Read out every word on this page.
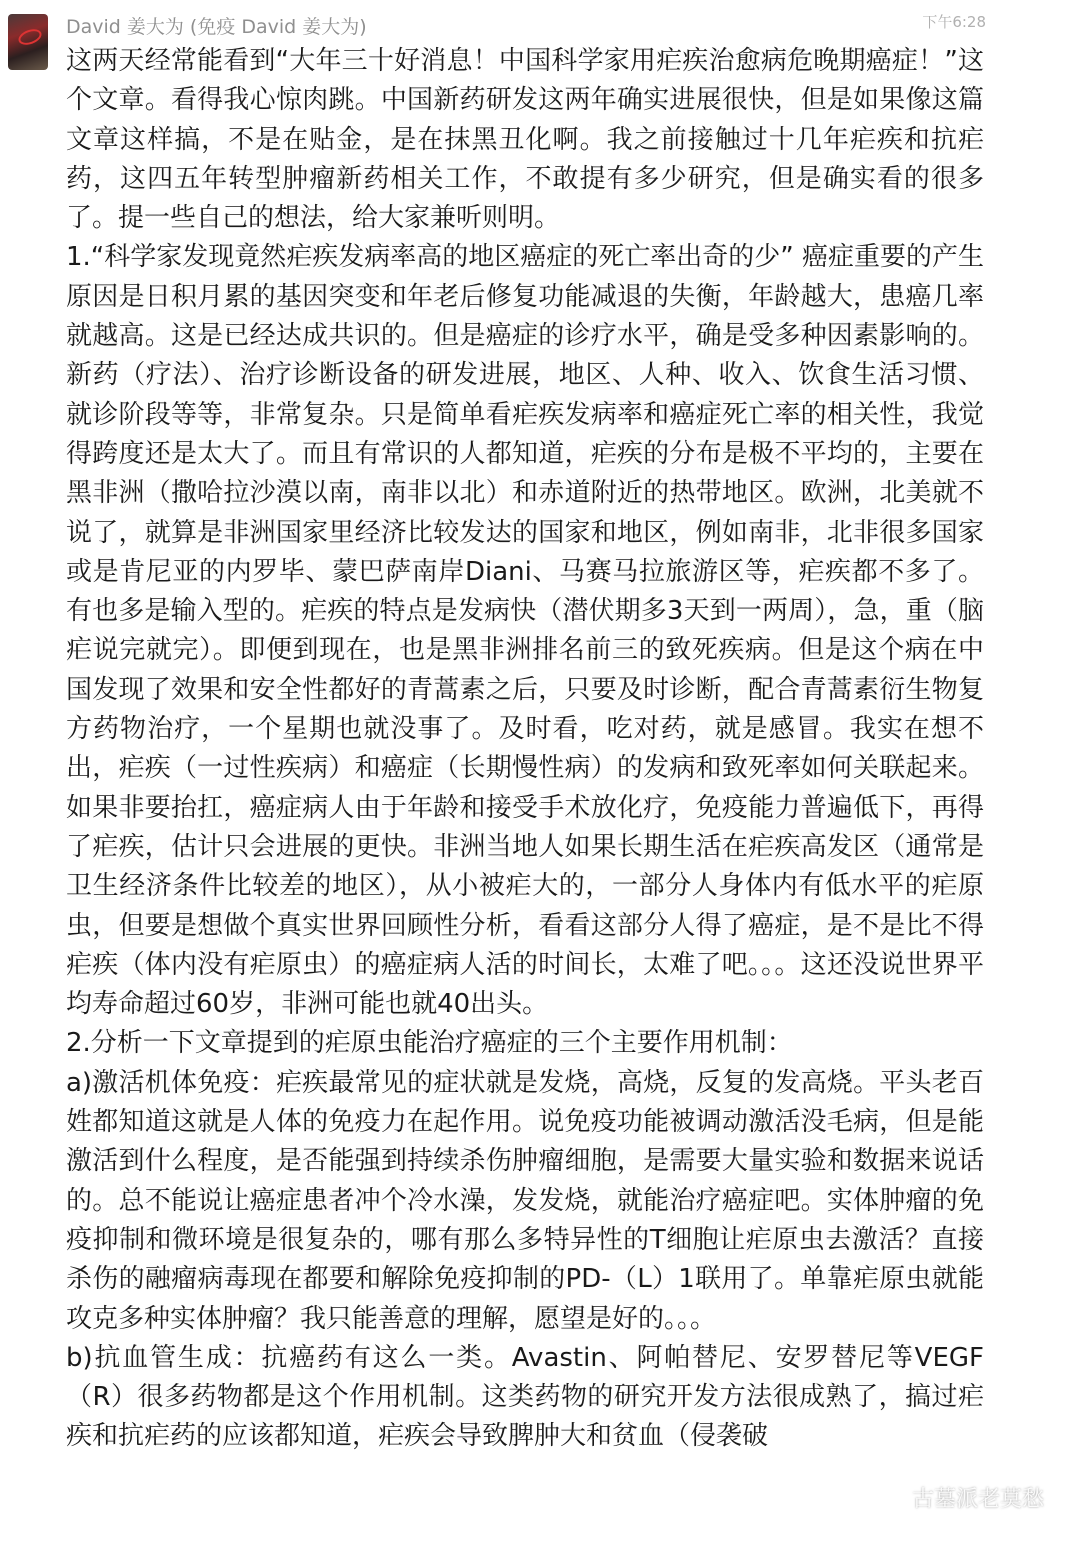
David 姜大为 (免疫 David 姜大为)	下午6:28

这两天经常能看到“大年三十好消息！中国科学家用疟疾治愈病危晚期癌症！”这个文章。看得我心惊肉跳。中国新药研发这两年确实进展很快，但是如果像这篇文章这样搞，不是在贴金，是在抹黑丑化啊。我之前接触过十几年疟疾和抗疟药，这四五年转型肿瘤新药相关工作，不敢提有多少研究，但是确实看的很多了。提一些自己的想法，给大家兼听则明。

1.“科学家发现竟然疟疾发病率高的地区癌症的死亡率出奇的少” 癌症重要的产生原因是日积月累的基因突变和年老后修复功能减退的失衡，年龄越大，患癌几率就越高。这是已经达成共识的。但是癌症的诊疗水平，确是受多种因素影响的。新药（疗法）、治疗诊断设备的研发进展，地区、人种、收入、饮食生活习惯、就诊阶段等等，非常复杂。只是简单看疟疾发病率和癌症死亡率的相关性，我觉得跨度还是太大了。而且有常识的人都知道，疟疾的分布是极不平均的，主要在黑非洲（撒哈拉沙漠以南，南非以北）和赤道附近的热带地区。欧洲，北美就不说了，就算是非洲国家里经济比较发达的国家和地区，例如南非，北非很多国家或是肯尼亚的内罗毕、蒙巴萨南岸Diani、马赛马拉旅游区等，疟疾都不多了。有也多是输入型的。疟疾的特点是发病快（潜伏期多3天到一两周），急，重（脑疟说完就完）。即便到现在，也是黑非洲排名前三的致死疾病。但是这个病在中国发现了效果和安全性都好的青蒿素之后，只要及时诊断，配合青蒿素衍生物复方药物治疗，一个星期也就没事了。及时看，吃对药，就是感冒。我实在想不出，疟疾（一过性疾病）和癌症（长期慢性病）的发病和致死率如何关联起来。如果非要抬扛，癌症病人由于年龄和接受手术放化疗，免疫能力普遍低下，再得了疟疾，估计只会进展的更快。非洲当地人如果长期生活在疟疾高发区（通常是卫生经济条件比较差的地区），从小被疟大的，一部分人身体内有低水平的疟原虫，但要是想做个真实世界回顾性分析，看看这部分人得了癌症，是不是比不得疟疾（体内没有疟原虫）的癌症病人活的时间长，太难了吧。。。这还没说世界平均寿命超过60岁，非洲可能也就40出头。

2.分析一下文章提到的疟原虫能治疗癌症的三个主要作用机制：

a)激活机体免疫：疟疾最常见的症状就是发烧，高烧，反复的发高烧。平头老百姓都知道这就是人体的免疫力在起作用。说免疫功能被调动激活没毛病，但是能激活到什么程度，是否能强到持续杀伤肿瘤细胞，是需要大量实验和数据来说话的。总不能说让癌症患者冲个冷水澡，发发烧，就能治疗癌症吧。实体肿瘤的免疫抑制和微环境是很复杂的，哪有那么多特异性的T细胞让疟原虫去激活？直接杀伤的融瘤病毒现在都要和解除免疫抑制的PD-（L）1联用了。单靠疟原虫就能攻克多种实体肿瘤？我只能善意的理解，愿望是好的。。。

b)抗血管生成：抗癌药有这么一类。Avastin、阿帕替尼、安罗替尼等VEGF（R）很多药物都是这个作用机制。这类药物的研究开发方法很成熟了，搞过疟疾和抗疟药的应该都知道，疟疾会导致脾肿大和贫血（侵袭破

古墓派老莫愁
